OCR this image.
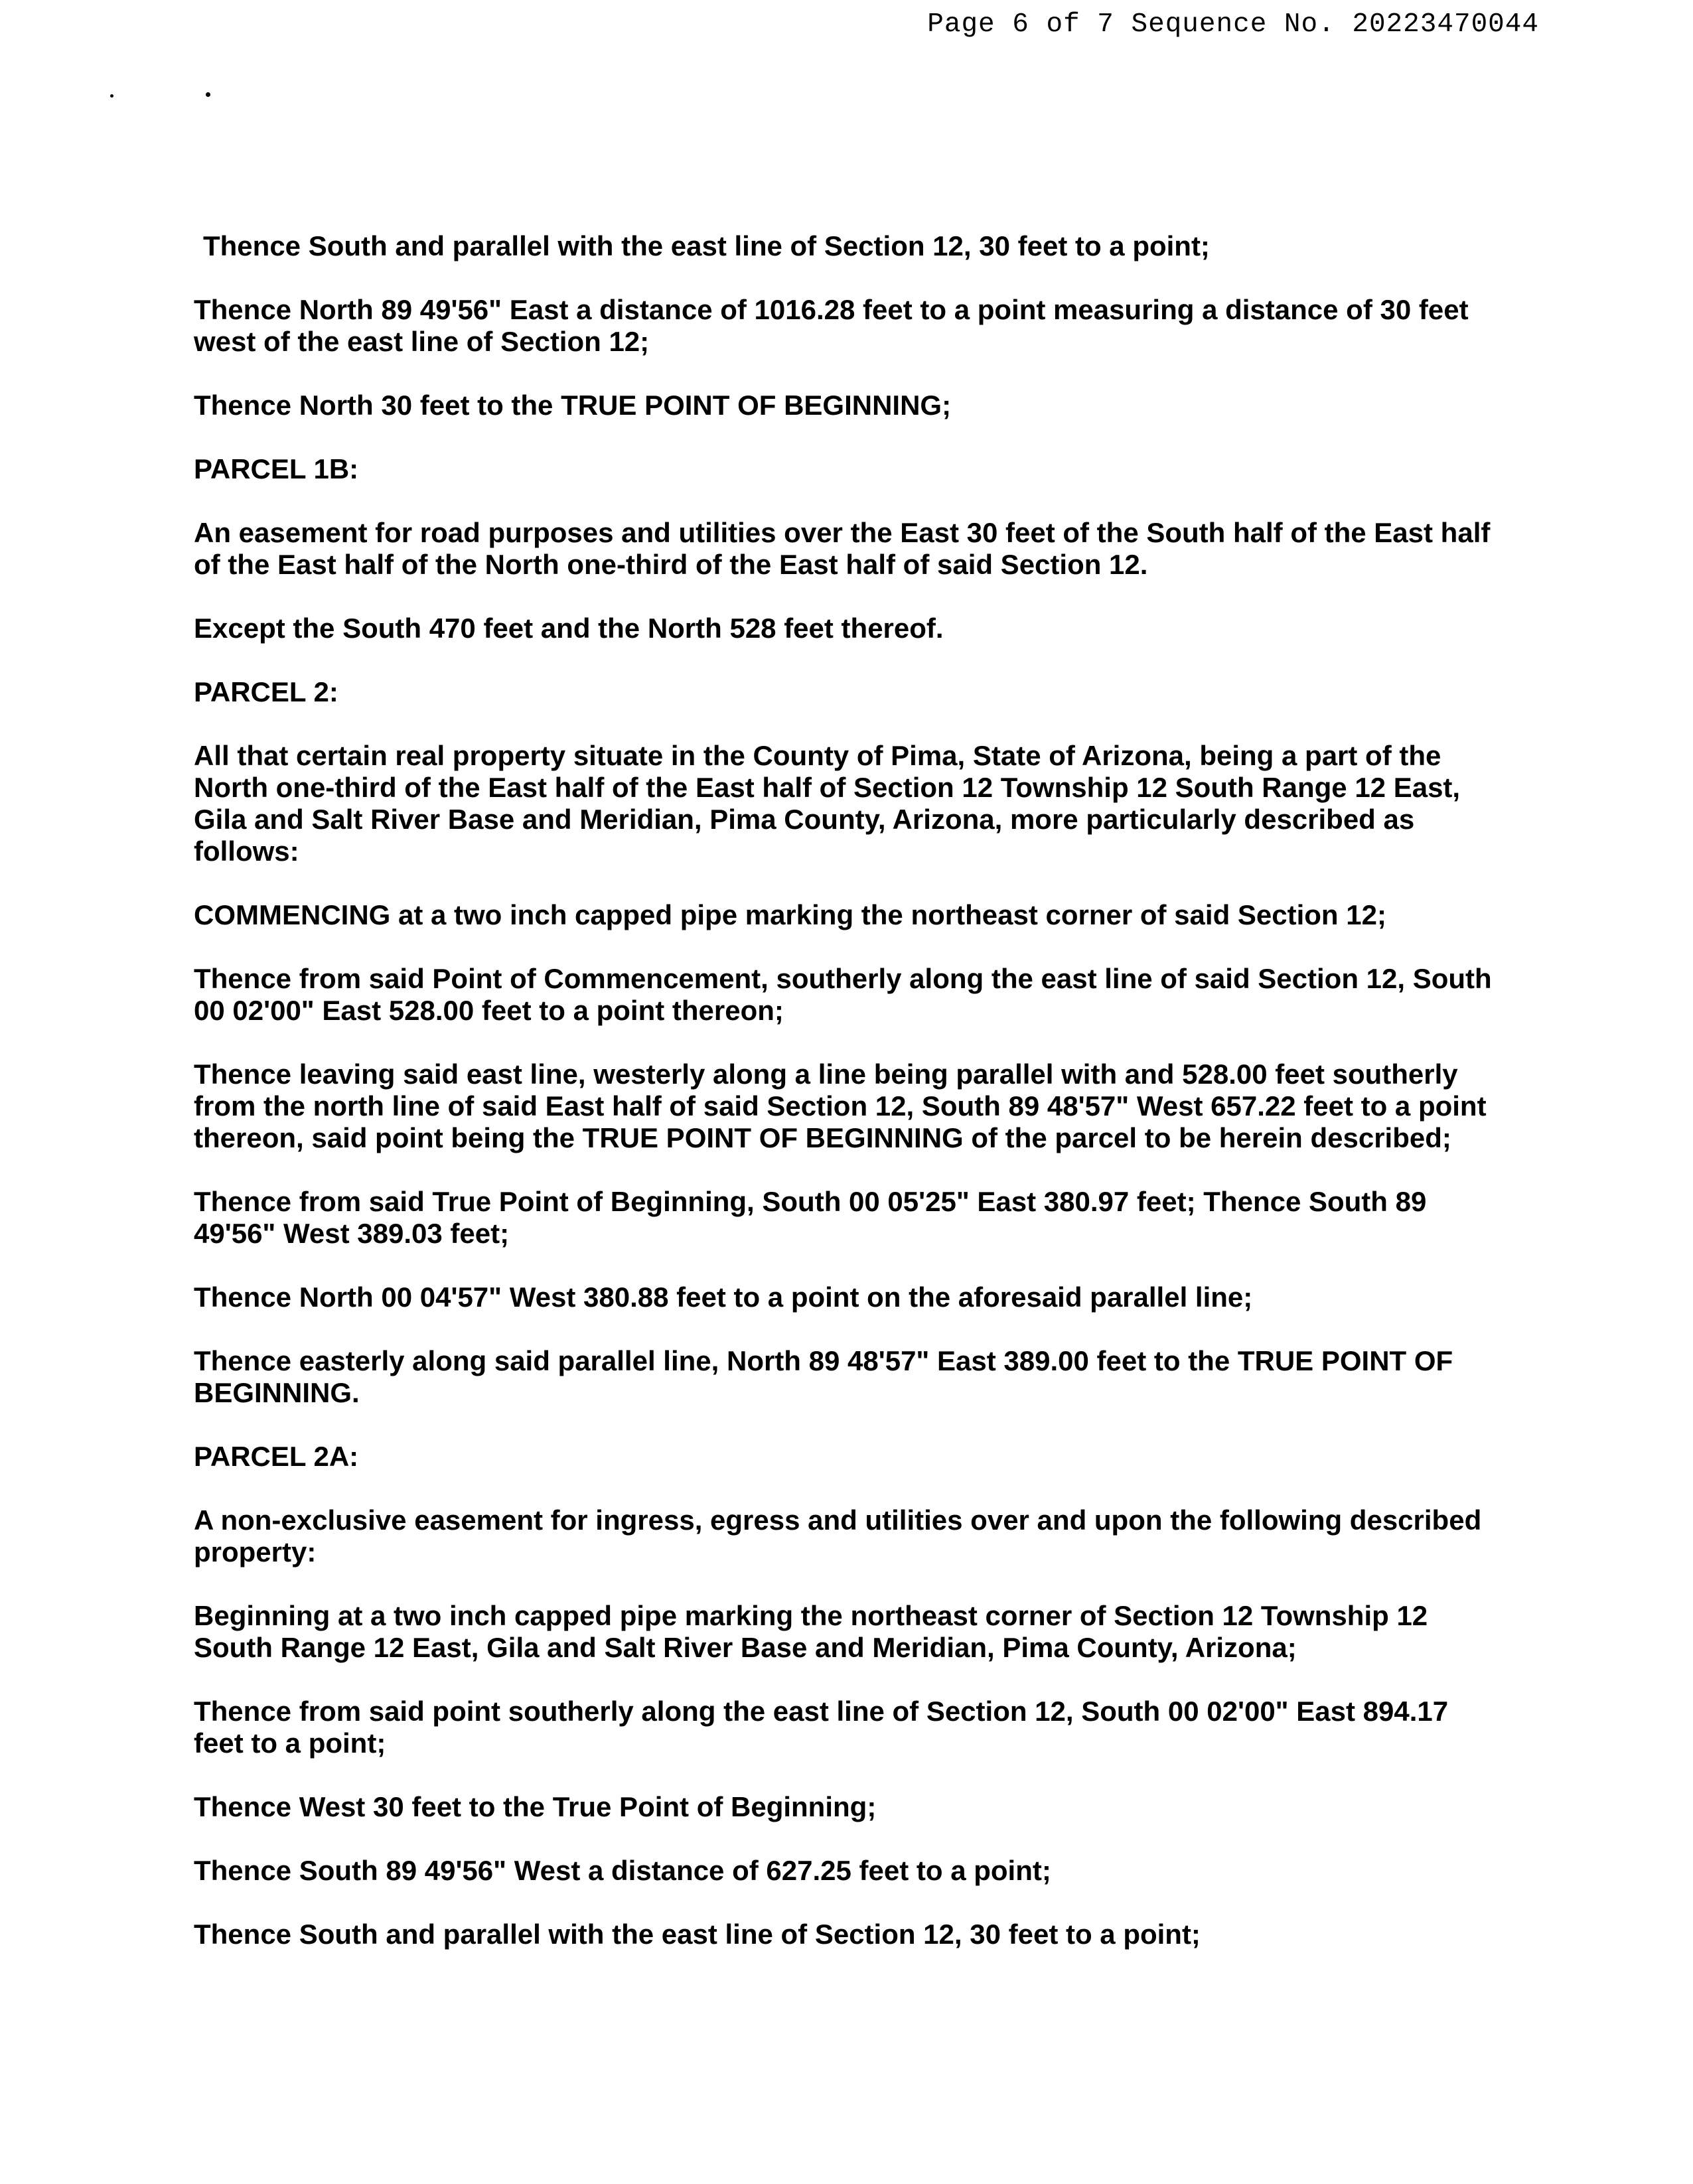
Page 6 of 7 Sequence No. 20223470044

Thence South and parallel with the east line of Section 12, 30 feet to a point;

Thence North 89 49'56" East a distance of 1016.28 feet to a point measuring a distance of 30 feet west of the east line of Section 12;

Thence North 30 feet to the TRUE POINT OF BEGINNING;

PARCEL 1B:

An easement for road purposes and utilities over the East 30 feet of the South half of the East half of the East half of the North one-third of the East half of said Section 12.

Except the South 470 feet and the North 528 feet thereof.

PARCEL 2:

All that certain real property situate in the County of Pima, State of Arizona, being a part of the North one-third of the East half of the East half of Section 12 Township 12 South Range 12 East, Gila and Salt River Base and Meridian, Pima County, Arizona, more particularly described as follows:

COMMENCING at a two inch capped pipe marking the northeast corner of said Section 12;

Thence from said Point of Commencement, southerly along the east line of said Section 12, South 00 02'00" East 528.00 feet to a point thereon;

Thence leaving said east line, westerly along a line being parallel with and 528.00 feet southerly from the north line of said East half of said Section 12, South 89 48'57" West 657.22 feet to a point thereon, said point being the TRUE POINT OF BEGINNING of the parcel to be herein described;

Thence from said True Point of Beginning, South 00 05'25" East 380.97 feet; Thence South 89 49'56" West 389.03 feet;

Thence North 00 04'57" West 380.88 feet to a point on the aforesaid parallel line;

Thence easterly along said parallel line, North 89 48'57" East 389.00 feet to the TRUE POINT OF BEGINNING.

PARCEL 2A:

A non-exclusive easement for ingress, egress and utilities over and upon the following described property:

Beginning at a two inch capped pipe marking the northeast corner of Section 12 Township 12 South Range 12 East, Gila and Salt River Base and Meridian, Pima County, Arizona;

Thence from said point southerly along the east line of Section 12, South 00 02'00" East 894.17 feet to a point;

Thence West 30 feet to the True Point of Beginning;

Thence South 89 49'56" West a distance of 627.25 feet to a point;

Thence South and parallel with the east line of Section 12, 30 feet to a point;
